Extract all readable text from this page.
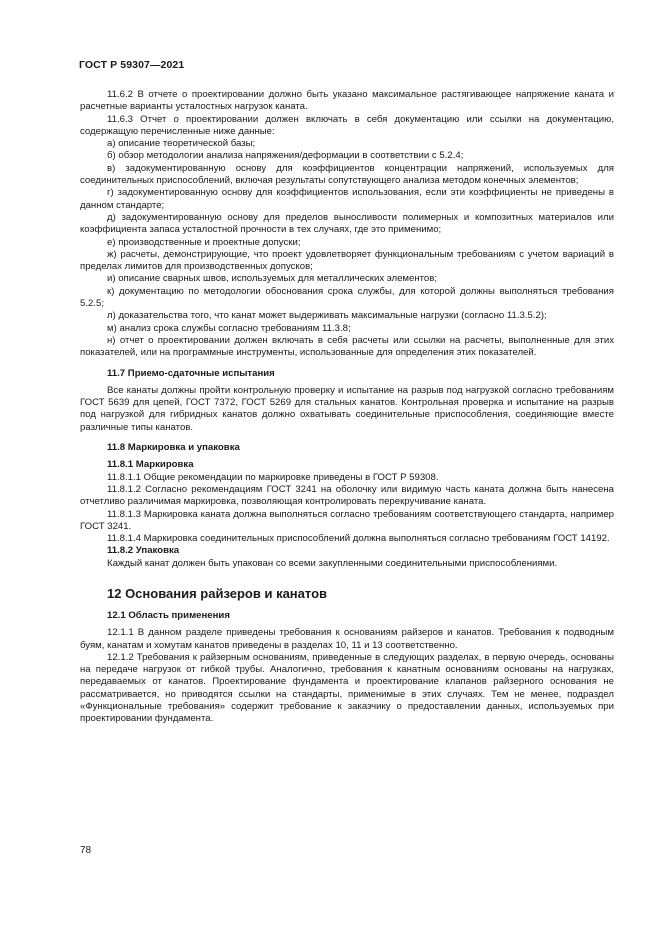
ГОСТ Р 59307—2021

11.6.2 В отчете о проектировании должно быть указано максимальное растягивающее напряжение каната и расчетные варианты усталостных нагрузок каната.

11.6.3 Отчет о проектировании должен включать в себя документацию или ссылки на документацию, содержащую перечисленные ниже данные:

а) описание теоретической базы;

б) обзор методологии анализа напряжения/деформации в соответствии с 5.2.4;

в) задокументированную основу для коэффициентов концентрации напряжений, используемых для соединительных приспособлений, включая результаты сопутствующего анализа методом конечных элементов;

г) задокументированную основу для коэффициентов использования, если эти коэффициенты не приведены в данном стандарте;

д) задокументированную основу для пределов выносливости полимерных и композитных материалов или коэффициента запаса усталостной прочности в тех случаях, где это применимо;

е) производственные и проектные допуски;

ж) расчеты, демонстрирующие, что проект удовлетворяет функциональным требованиям с учетом вариаций в пределах лимитов для производственных допусков;

и) описание сварных швов, используемых для металлических элементов;

к) документацию по методологии обоснования срока службы, для которой должны выполняться требования 5.2.5;

л) доказательства того, что канат может выдерживать максимальные нагрузки (согласно 11.3.5.2);

м) анализ срока службы согласно требованиям 11.3.8;

н) отчет о проектировании должен включать в себя расчеты или ссылки на расчеты, выполненные для этих показателей, или на программные инструменты, использованные для определения этих показателей.

11.7 Приемо-сдаточные испытания

Все канаты должны пройти контрольную проверку и испытание на разрыв под нагрузкой согласно требованиям ГОСТ 5639 для цепей, ГОСТ 7372, ГОСТ 5269 для стальных канатов. Контрольная проверка и испытание на разрыв под нагрузкой для гибридных канатов должно охватывать соединительные приспособления, соединяющие вместе различные типы канатов.

11.8 Маркировка и упаковка

11.8.1 Маркировка

11.8.1.1 Общие рекомендации по маркировке приведены в ГОСТ Р 59308.

11.8.1.2 Согласно рекомендациям ГОСТ 3241 на оболочку или видимую часть каната должна быть нанесена отчетливо различимая маркировка, позволяющая контролировать перекручивание каната.

11.8.1.3 Маркировка каната должна выполняться согласно требованиям соответствующего стандарта, например ГОСТ 3241.

11.8.1.4 Маркировка соединительных приспособлений должна выполняться согласно требованиям ГОСТ 14192.

11.8.2 Упаковка

Каждый канат должен быть упакован со всеми закупленными соединительными приспособлениями.

12 Основания райзеров и канатов

12.1 Область применения

12.1.1 В данном разделе приведены требования к основаниям райзеров и канатов. Требования к подводным буям, канатам и хомутам канатов приведены в разделах 10, 11 и 13 соответственно.

12.1.2 Требования к райзерным основаниям, приведенные в следующих разделах, в первую очередь, основаны на передаче нагрузок от гибкой трубы. Аналогично, требования к канатным основаниям основаны на нагрузках, передаваемых от канатов. Проектирование фундамента и проектирование клапанов райзерного основания не рассматривается, но приводятся ссылки на стандарты, применимые в этих случаях. Тем не менее, подраздел «Функциональные требования» содержит требование к заказчику о предоставлении данных, используемых при проектировании фундамента.

78
